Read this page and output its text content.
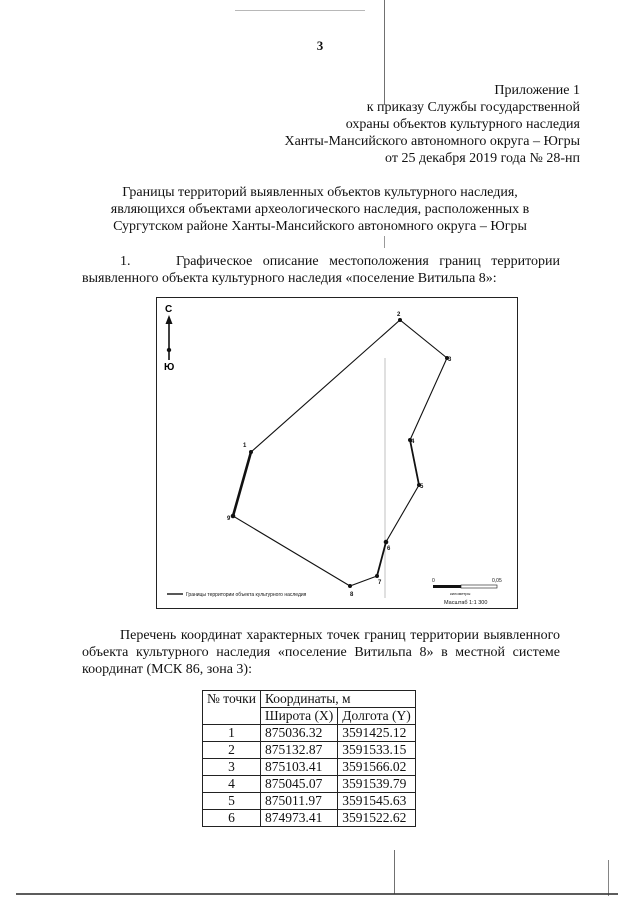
3
Приложение 1
к приказу Службы государственной
охраны объектов культурного наследия
Ханты-Мансийского автономного округа – Югры
от 25 декабря 2019 года № 28-нп
Границы территорий выявленных объектов культурного наследия,
являющихся объектами археологического наследия, расположенных в
Сургутском районе Ханты-Мансийского автономного округа – Югры
1.	Графическое описание местоположения границ территории выявленного объекта культурного наследия «поселение Витильпа 8»:
С
Ю
1
2
3
4
5
6
7
8
9
Границы территории объекта культурного наследия
0	0,05
километры
Масштаб 1:1 300
Перечень координат характерных точек границ территории выявленного объекта культурного наследия «поселение Витильпа 8» в местной системе координат (МСК 86, зона 3):
№ точки	Координаты, м	
	Широта (X)	Долгота (Y)
1	875036.32	3591425.12
2	875132.87	3591533.15
3	875103.41	3591566.02
4	875045.07	3591539.79
5	875011.97	3591545.63
6	874973.41	3591522.62
